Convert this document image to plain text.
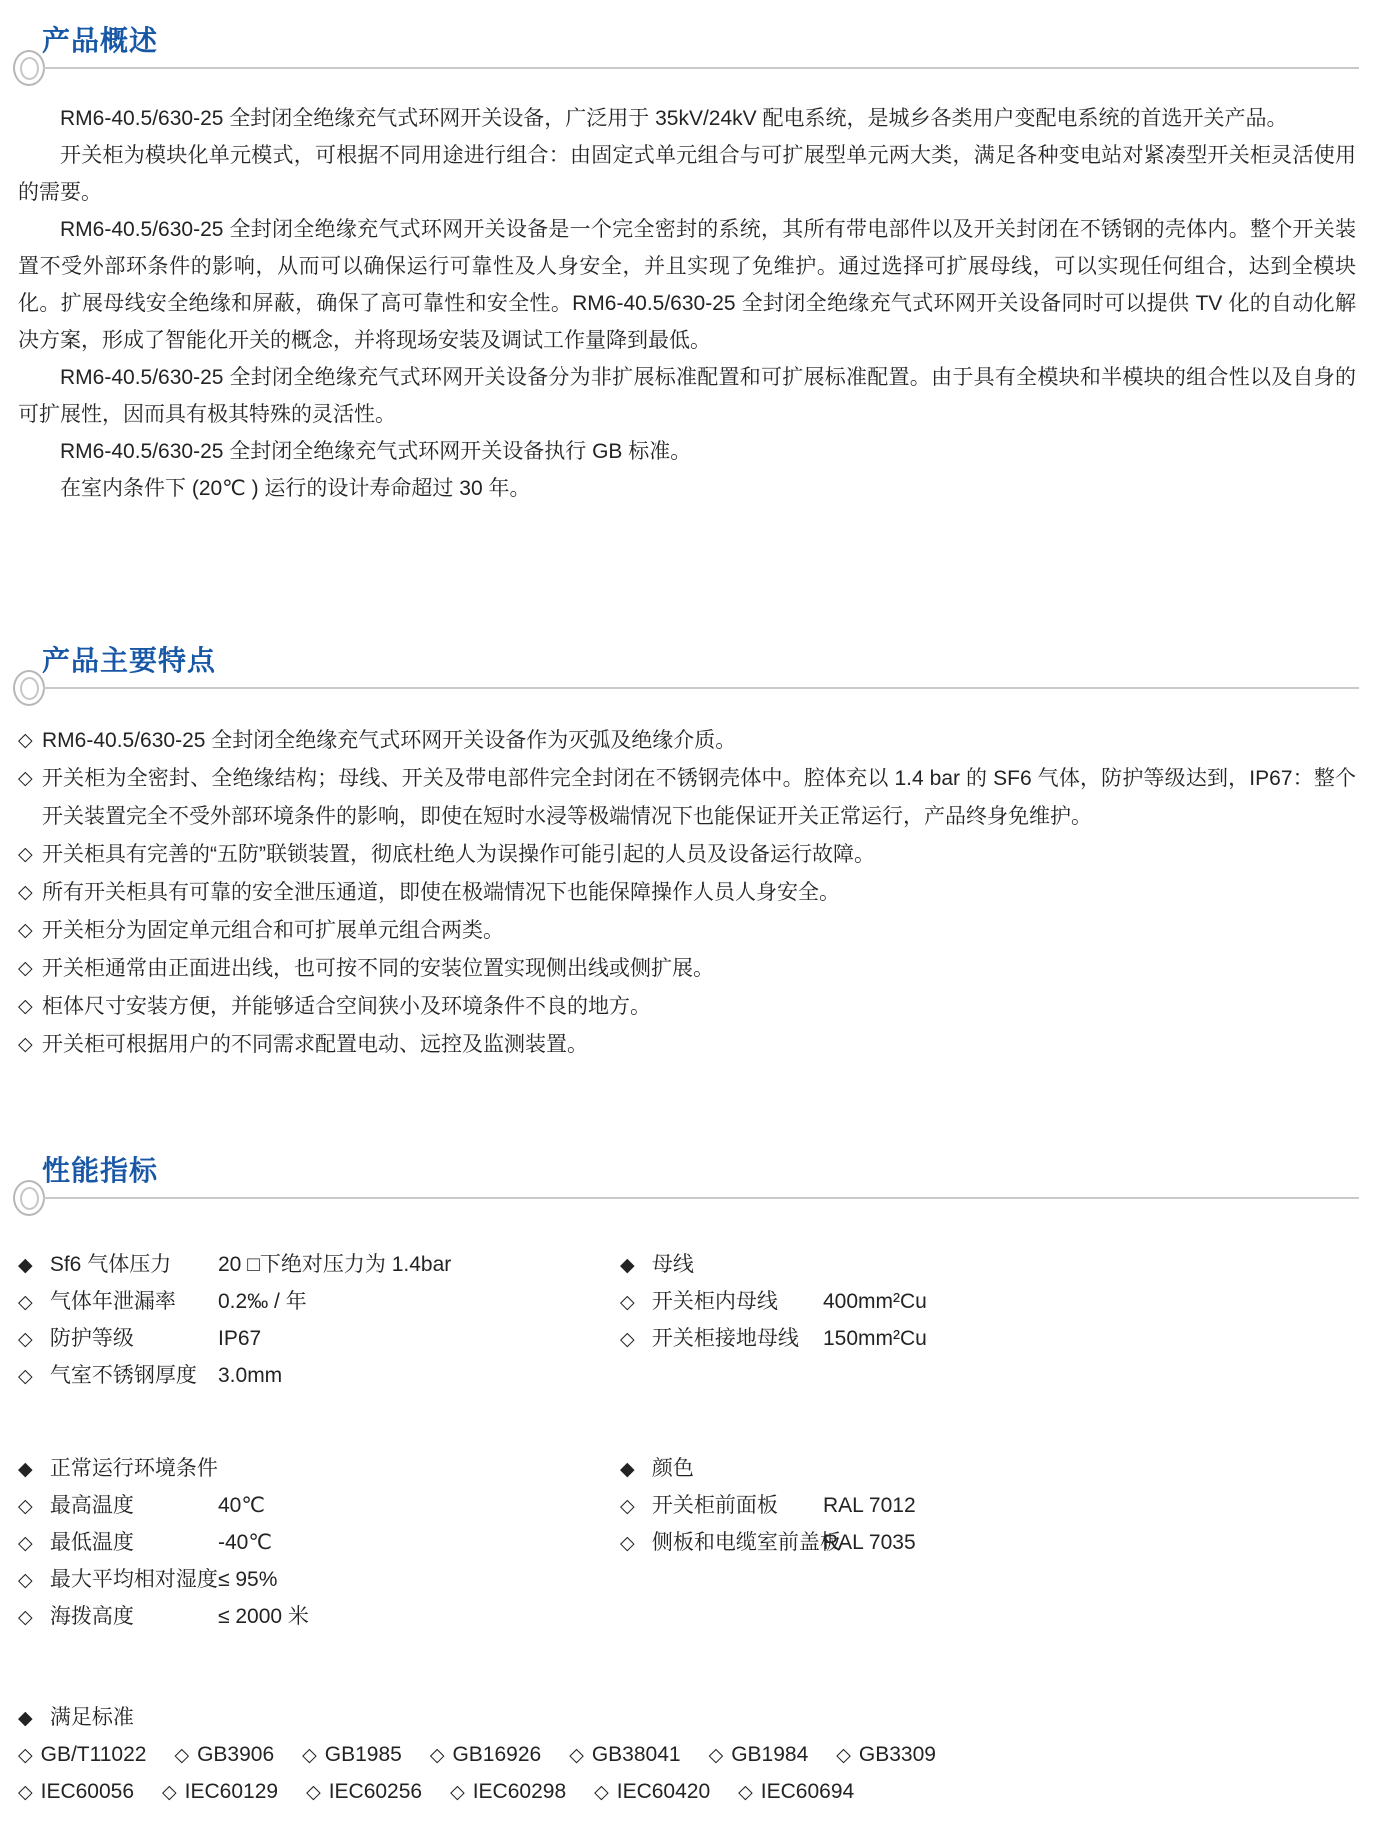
产品概述

RM6-40.5/630-25 全封闭全绝缘充气式环网开关设备，广泛用于 35kV/24kV 配电系统，是城乡各类用户变配电系统的首选开关产品。

开关柜为模块化单元模式，可根据不同用途进行组合：由固定式单元组合与可扩展型单元两大类，满足各种变电站对紧凑型开关柜灵活使用的需要。

RM6-40.5/630-25 全封闭全绝缘充气式环网开关设备是一个完全密封的系统，其所有带电部件以及开关封闭在不锈钢的壳体内。整个开关装置不受外部环条件的影响，从而可以确保运行可靠性及人身安全，并且实现了免维护。通过选择可扩展母线，可以实现任何组合，达到全模块化。扩展母线安全绝缘和屏蔽，确保了高可靠性和安全性。RM6-40.5/630-25 全封闭全绝缘充气式环网开关设备同时可以提供 TV 化的自动化解决方案，形成了智能化开关的概念，并将现场安装及调试工作量降到最低。

RM6-40.5/630-25 全封闭全绝缘充气式环网开关设备分为非扩展标准配置和可扩展标准配置。由于具有全模块和半模块的组合性以及自身的可扩展性，因而具有极其特殊的灵活性。

RM6-40.5/630-25 全封闭全绝缘充气式环网开关设备执行 GB 标准。

在室内条件下 (20℃ ) 运行的设计寿命超过 30 年。

产品主要特点
◇ RM6-40.5/630-25 全封闭全绝缘充气式环网开关设备作为灭弧及绝缘介质。
◇ 开关柜为全密封、全绝缘结构；母线、开关及带电部件完全封闭在不锈钢壳体中。腔体充以 1.4 bar 的 SF6 气体，防护等级达到，IP67：整个开关装置完全不受外部环境条件的影响，即使在短时水浸等极端情况下也能保证开关正常运行，产品终身免维护。
◇ 开关柜具有完善的“五防”联锁装置，彻底杜绝人为误操作可能引起的人员及设备运行故障。
◇ 所有开关柜具有可靠的安全泄压通道，即使在极端情况下也能保障操作人员人身安全。
◇ 开关柜分为固定单元组合和可扩展单元组合两类。
◇ 开关柜通常由正面进出线，也可按不同的安装位置实现侧出线或侧扩展。
◇ 柜体尺寸安装方便，并能够适合空间狭小及环境条件不良的地方。
◇ 开关柜可根据用户的不同需求配置电动、远控及监测装置。
性能指标
◆ Sf6 气体压力 20 □下绝对压力为 1.4bar
◇ 气体年泄漏率 0.2‰ / 年
◇ 防护等级	IP67
◇ 气室不锈钢厚度 3.0mm
◆ 母线
◇ 开关柜内母线 400mm²Cu
◇ 开关柜接地母线 150mm²Cu
◆ 正常运行环境条件
◇ 最高温度	40℃
◇ 最低温度	-40℃
◇ 最大平均相对湿度 ≤ 95%
◇ 海拨高度	≤ 2000 米
◆ 颜色
◇ 开关柜前面板 RAL 7012
◇ 侧板和电缆室前盖板
RAL 7035
◆ 满足标准
◇ GB/T11022 ◇ GB3906 ◇ GB1985 ◇ GB16926 ◇ GB38041 ◇ GB1984 ◇ GB3309
◇ IEC60056 ◇ IEC60129 ◇ IEC60256 ◇ IEC60298 ◇ IEC60420 ◇ IEC60694
